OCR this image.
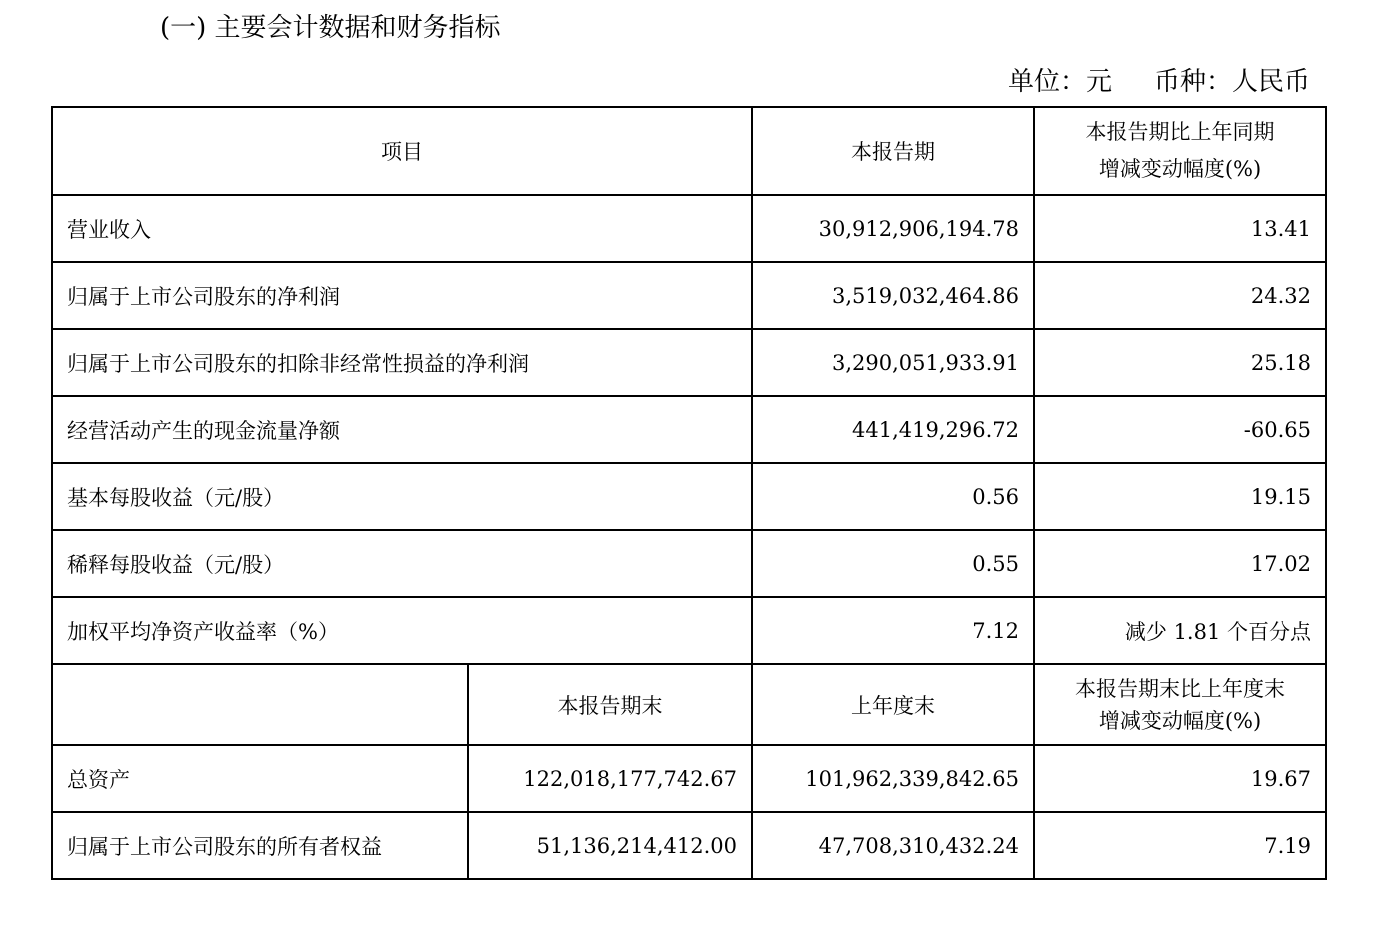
(一) 主要会计数据和财务指标
单位：元 币种：人民币
项目		本报告期	本报告期比上年同期
增减变动幅度(%)
营业收入		30,912,906,194.78	13.41
归属于上市公司股东的净利润		3,519,032,464.86	24.32
归属于上市公司股东的扣除非经常性损益的净利润		3,290,051,933.91	25.18
经营活动产生的现金流量净额		441,419,296.72	-60.65
基本每股收益（元/股）		0.56	19.15
稀释每股收益（元/股）		0.55	17.02
加权平均净资产收益率（%）		7.12	减少 1.81 个百分点
	本报告期末	上年度末	本报告期末比上年度末
增减变动幅度(%)
总资产	122,018,177,742.67	101,962,339,842.65	19.67
归属于上市公司股东的所有者权益	51,136,214,412.00	47,708,310,432.24	7.19
